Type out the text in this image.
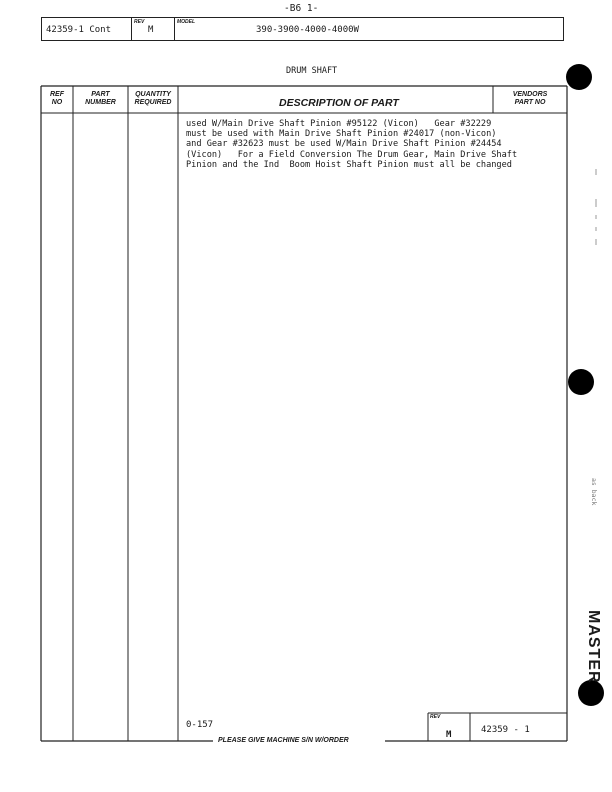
-B6 1-
42359-1 Cont
REV
M
MODEL
390-3900-4000-4000W
DRUM SHAFT
REF
NO
PART
NUMBER
QUANTITY
REQUIRED	DESCRIPTION OF PART
VENDORS
PART NO
used W/Main Drive Shaft Pinion #95122 (Vicon)   Gear #32229
must be used with Main Drive Shaft Pinion #24017 (non-Vicon)
and Gear #32623 must be used W/Main Drive Shaft Pinion #24454
(Vicon)   For a Field Conversion The Drum Gear, Main Drive Shaft
Pinion and the Ind  Boom Hoist Shaft Pinion must all be changed
0-157
PLEASE GIVE MACHINE S/N W/ORDER
REV
M	42359 - 1
as back
MASTER
